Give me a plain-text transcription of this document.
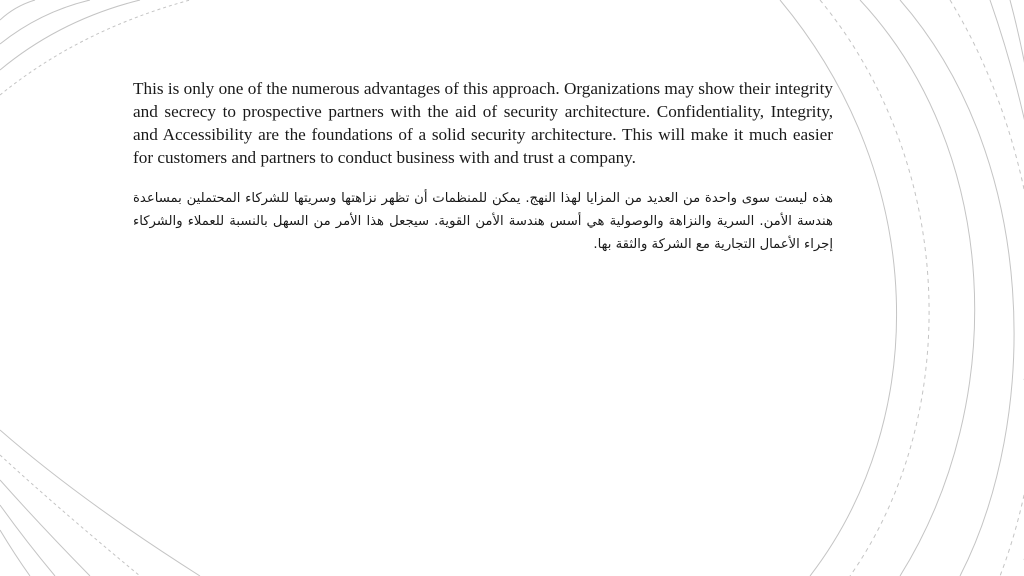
This is only one of the numerous advantages of this approach. Organizations may show their integrity and secrecy to prospective partners with the aid of security architecture. Confidentiality, Integrity, and Accessibility are the foundations of a solid security architecture. This will make it much easier for customers and partners to conduct business with and trust a company.

هذه ليست سوى واحدة من العديد من المزايا لهذا النهج. يمكن للمنظمات أن تظهر نزاهتها وسريتها للشركاء المحتملين بمساعدة هندسة الأمن. السرية والنزاهة والوصولية هي أسس هندسة الأمن القوية. سيجعل هذا الأمر من السهل بالنسبة للعملاء والشركاء إجراء الأعمال التجارية مع الشركة والثقة بها.
